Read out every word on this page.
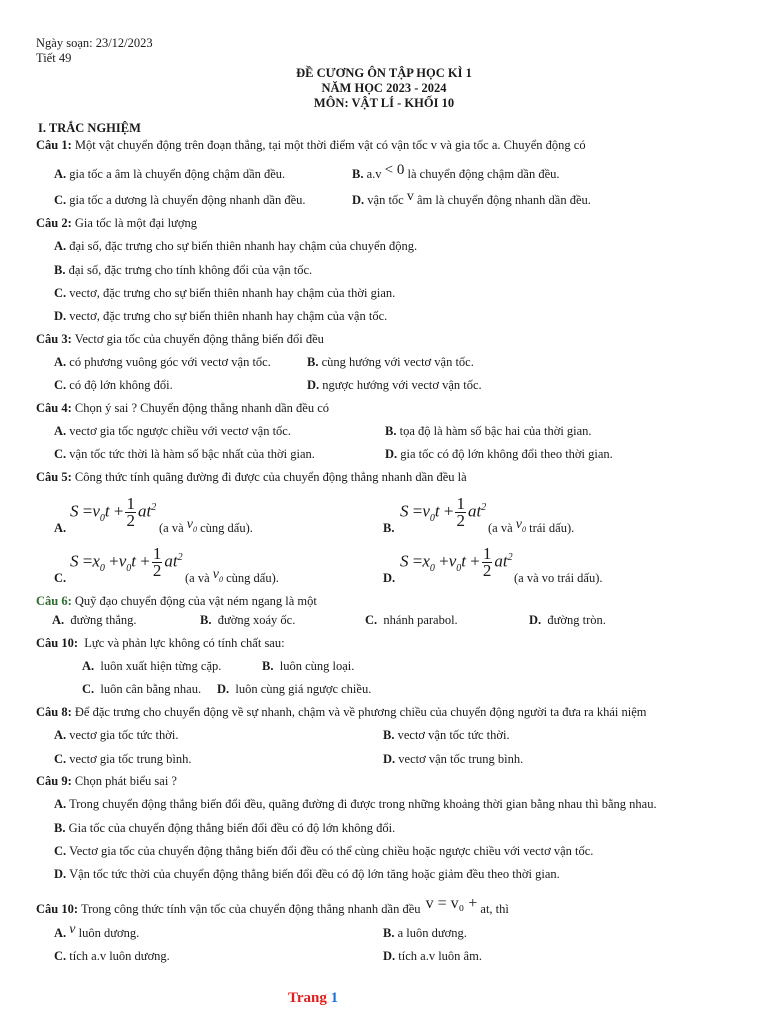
Ngày soạn: 23/12/2023
Tiết 49
ĐỀ CƯƠNG ÔN TẬP HỌC KÌ 1
NĂM HỌC 2023 - 2024
MÔN: VẬT LÍ - KHỐI 10
I. TRẮC NGHIỆM
Câu 1: Một vật chuyển động trên đoạn thẳng, tại một thời điểm vật có vận tốc v và gia tốc a. Chuyển động có
A. gia tốc a âm là chuyển động chậm dần đều.	B. a.v < 0 là chuyển động chậm dần đều.
C. gia tốc a dương là chuyển động nhanh dần đều.	D. vận tốc v âm là chuyển động nhanh dần đều.
Câu 2: Gia tốc là một đại lượng
A. đại số, đặc trưng cho sự biến thiên nhanh hay chậm của chuyển động.
B. đại số, đặc trưng cho tính không đổi của vận tốc.
C. vectơ, đặc trưng cho sự biến thiên nhanh hay chậm của thời gian.
D. vectơ, đặc trưng cho sự biến thiên nhanh hay chậm của vận tốc.
Câu 3: Vectơ gia tốc của chuyển động thẳng biến đổi đều
A. có phương vuông góc với vectơ vận tốc.	B. cùng hướng với vectơ vận tốc.
C. có độ lớn không đổi.	D. ngược hướng với vectơ vận tốc.
Câu 4: Chọn ý sai ? Chuyển động thẳng nhanh dần đều có
A. vectơ gia tốc ngược chiều với vectơ vận tốc.	B. tọa độ là hàm số bậc hai của thời gian.
C. vận tốc tức thời là hàm số bậc nhất của thời gian.	D. gia tốc có độ lớn không đổi theo thời gian.
Câu 5: Công thức tính quãng đường đi được của chuyển động thẳng nhanh dần đều là
A.
$S =v_0t + \frac{1}{2} at^2$
(a và $v_0$ cùng dấu).	B.
$S =v_0t + \frac{1}{2} at^2$
(a và $v_0$ trái dấu).
C.
$S =x_0 +v_0t + \frac{1}{2} at^2$
(a và $v_0$ cùng dấu).	D.
$S =x_0 +v_0t + \frac{1}{2} at^2$
(a và vo trái dấu).
Câu 6: Quỹ đạo chuyển động của vật ném ngang là một
A. đường thẳng.	B. đường xoáy ốc.	C. nhánh parabol.	D. đường tròn.
Câu 10: Lực và phản lực không có tính chất sau:
A. luôn xuất hiện từng cặp.	B. luôn cùng loại.
C. luôn cân bằng nhau. D. luôn cùng giá ngược chiều.
Câu 8: Để đặc trưng cho chuyển động về sự nhanh, chậm và về phương chiều của chuyển động người ta đưa ra khái niệm
A. vectơ gia tốc tức thời.	B. vectơ vận tốc tức thời.
C. vectơ gia tốc trung bình.	D. vectơ vận tốc trung bình.
Câu 9: Chọn phát biểu sai ?
A. Trong chuyển động thẳng biến đổi đều, quãng đường đi được trong những khoảng thời gian bằng nhau thì bằng nhau.
B. Gia tốc của chuyển động thẳng biến đổi đều có độ lớn không đổi.
C. Vectơ gia tốc của chuyển động thẳng biến đổi đều có thể cùng chiều hoặc ngược chiều với vectơ vận tốc.
D. Vận tốc tức thời của chuyển động thẳng biến đổi đều có độ lớn tăng hoặc giảm đều theo thời gian.
Câu 10: Trong công thức tính vận tốc của chuyển động thẳng nhanh dần đều v = v₀ + at, thì
A. v luôn dương.	B. a luôn dương.
C. tích a.v luôn dương.	D. tích a.v luôn âm.
Trang 1
